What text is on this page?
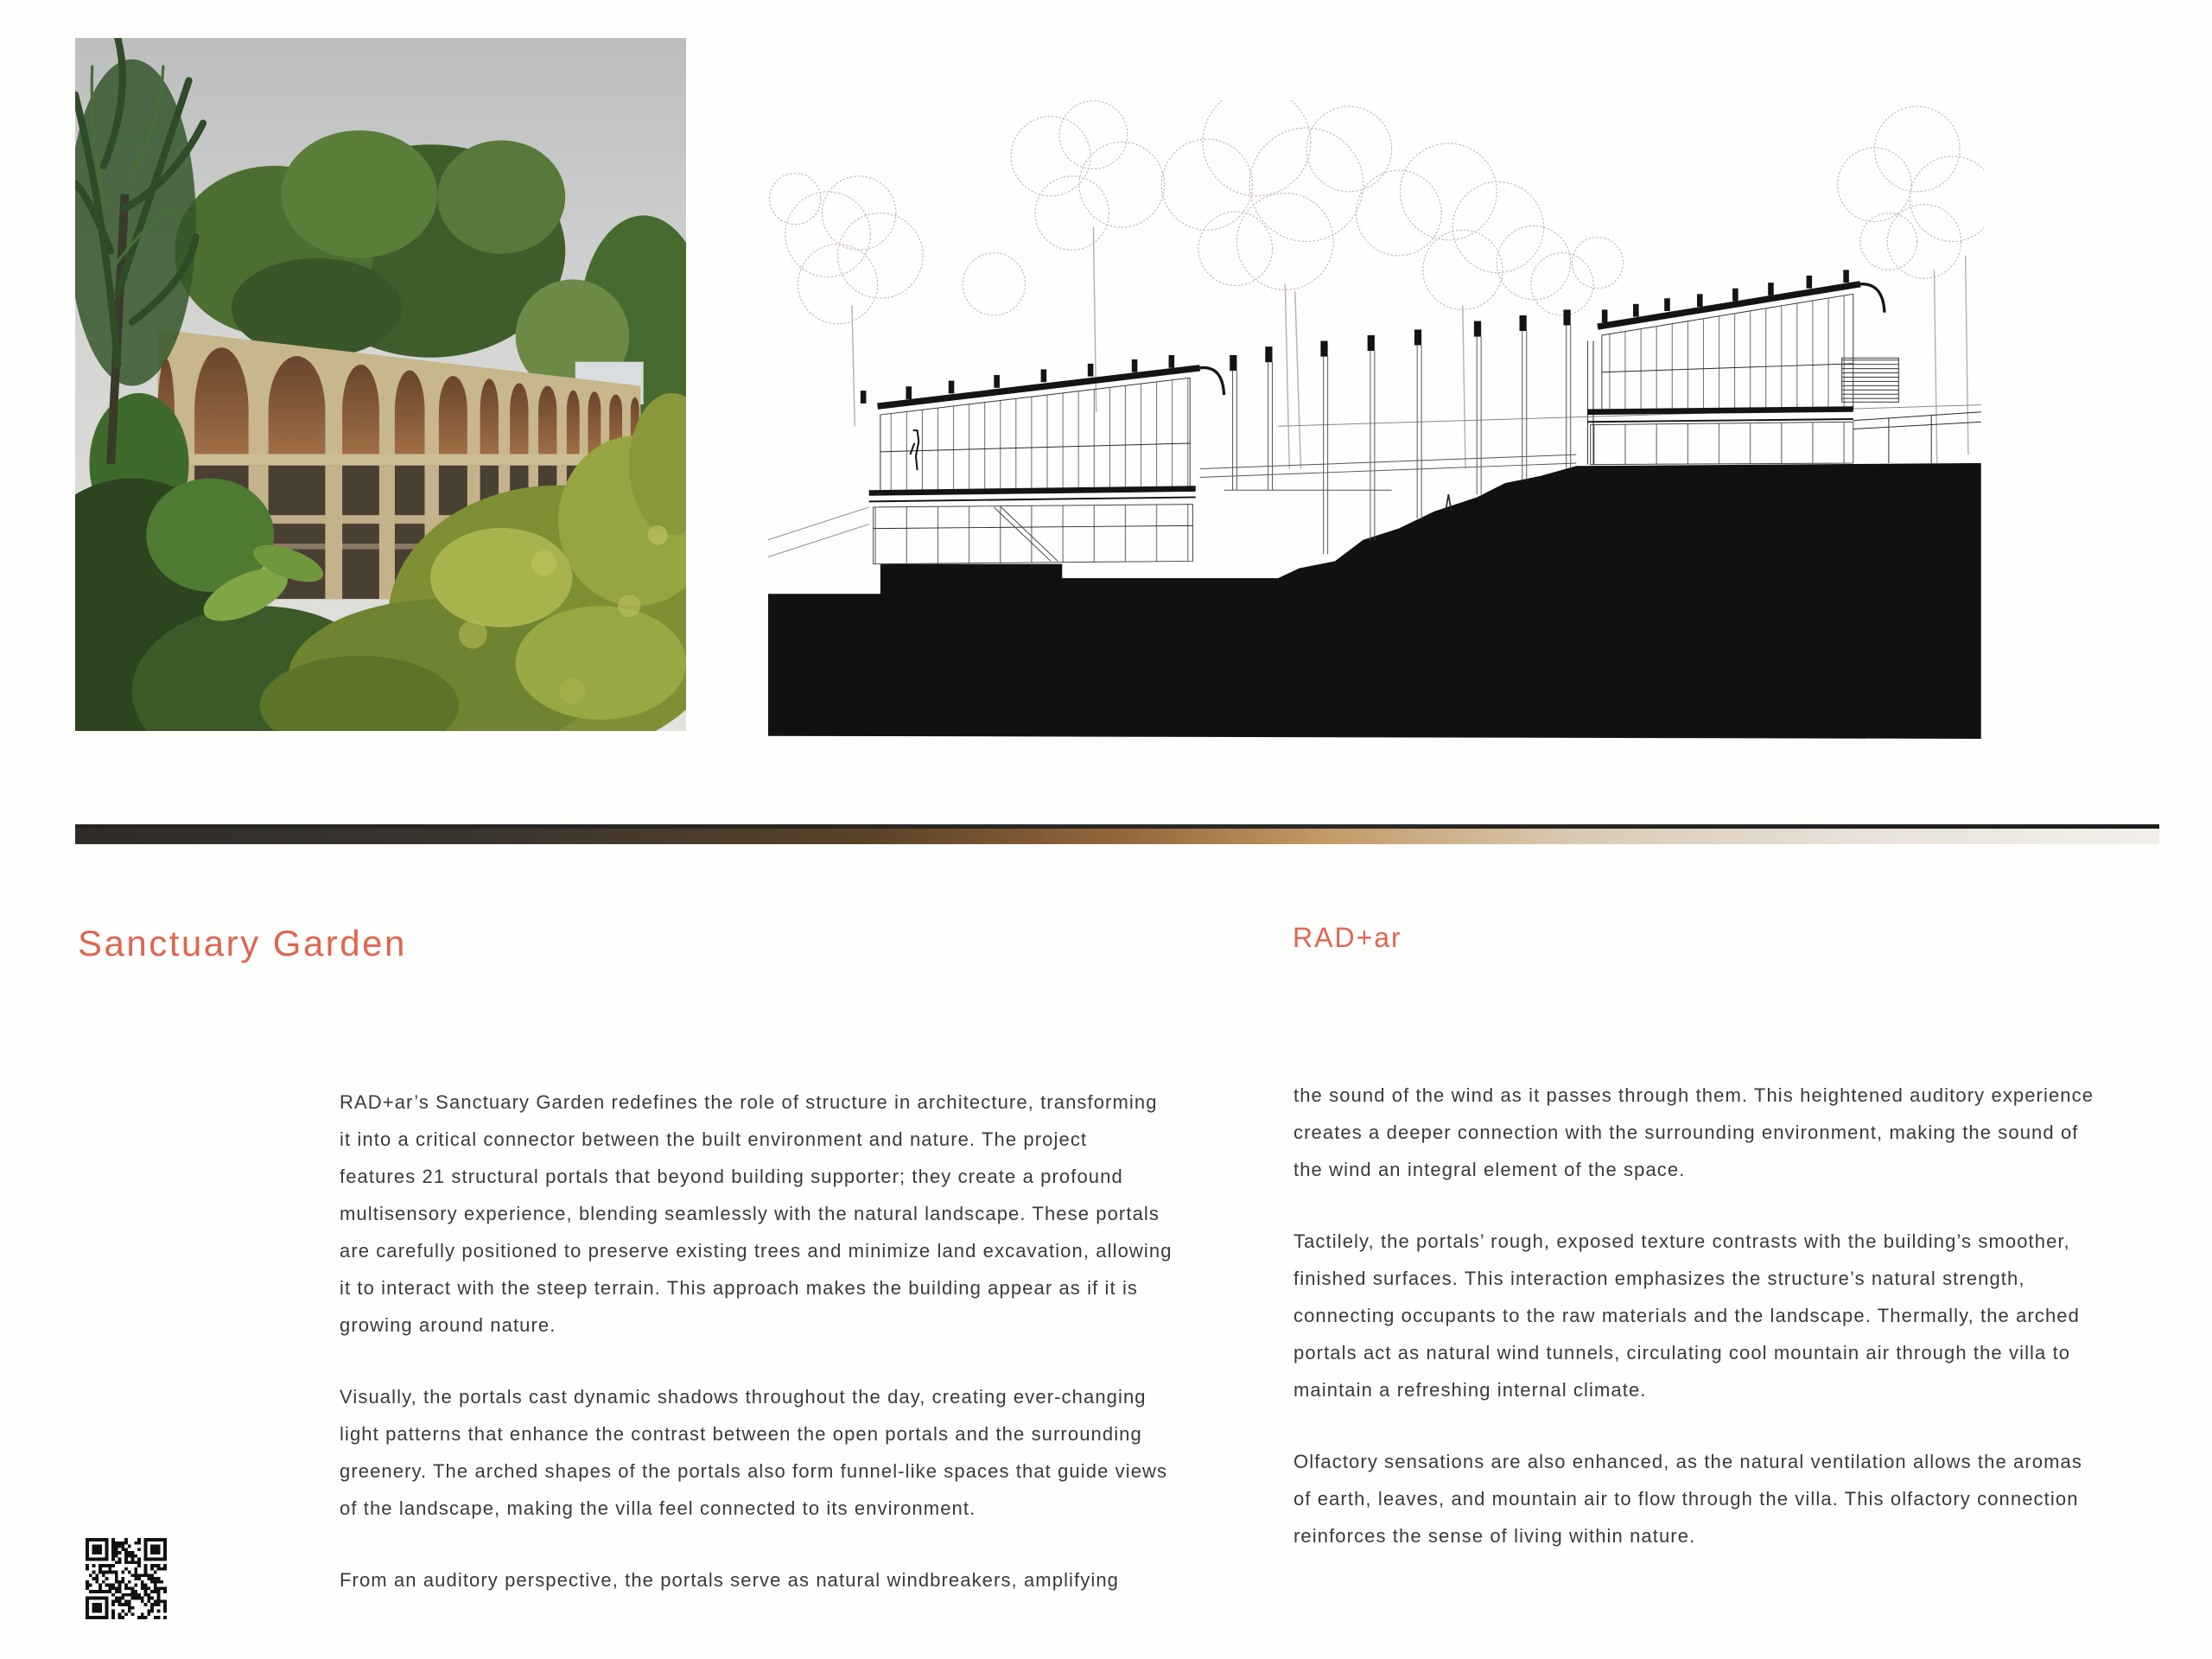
Sanctuary Garden	RAD+ar
RAD+ar’s Sanctuary Garden redefines the role of structure in architecture, transforming
it into a critical connector between the built environment and nature. The project
features 21 structural portals that beyond building supporter; they create a profound
multisensory experience, blending seamlessly with the natural landscape. These portals
are carefully positioned to preserve existing trees and minimize land excavation, allowing
it to interact with the steep terrain. This approach makes the building appear as if it is
growing around nature.
Visually, the portals cast dynamic shadows throughout the day, creating ever-changing
light patterns that enhance the contrast between the open portals and the surrounding
greenery. The arched shapes of the portals also form funnel-like spaces that guide views
of the landscape, making the villa feel connected to its environment.
From an auditory perspective, the portals serve as natural windbreakers, amplifying
the sound of the wind as it passes through them. This heightened auditory experience
creates a deeper connection with the surrounding environment, making the sound of
the wind an integral element of the space.
Tactilely, the portals’ rough, exposed texture contrasts with the building’s smoother,
finished surfaces. This interaction emphasizes the structure’s natural strength,
connecting occupants to the raw materials and the landscape. Thermally, the arched
portals act as natural wind tunnels, circulating cool mountain air through the villa to
maintain a refreshing internal climate.
Olfactory sensations are also enhanced, as the natural ventilation allows the aromas
of earth, leaves, and mountain air to flow through the villa. This olfactory connection
reinforces the sense of living within nature.
